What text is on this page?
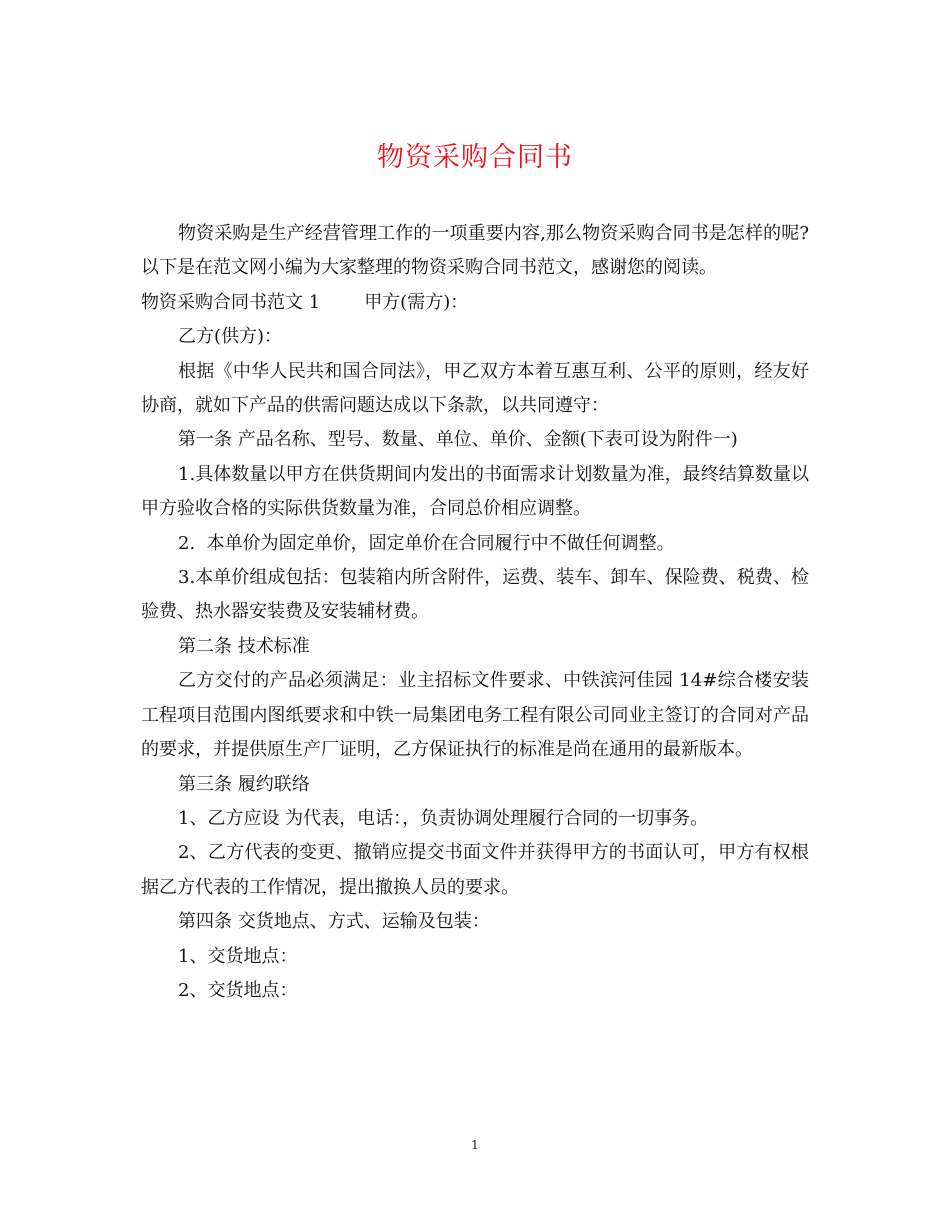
物资采购合同书

物资采购是生产经营管理工作的一项重要内容,那么物资采购合同书是怎样的呢?以下是在范文网小编为大家整理的物资采购合同书范文，感谢您的阅读。

物资采购合同书范文 1 甲方(需方)：

乙方(供方)：

根据《中华人民共和国合同法》，甲乙双方本着互惠互利、公平的原则，经友好协商，就如下产品的供需问题达成以下条款，以共同遵守：

第一条 产品名称、型号、数量、单位、单价、金额(下表可设为附件一)

1.具体数量以甲方在供货期间内发出的书面需求计划数量为准，最终结算数量以甲方验收合格的实际供货数量为准，合同总价相应调整。

2.  本单价为固定单价，固定单价在合同履行中不做任何调整。

3.本单价组成包括：包装箱内所含附件，运费、装车、卸车、保险费、税费、检验费、热水器安装费及安装辅材费。

第二条 技术标准

乙方交付的产品必须满足：业主招标文件要求、中铁滨河佳园 14#综合楼安装工程项目范围内图纸要求和中铁一局集团电务工程有限公司同业主签订的合同对产品的要求，并提供原生产厂证明，乙方保证执行的标准是尚在通用的最新版本。

第三条 履约联络

1、乙方应设 为代表，电话：，负责协调处理履行合同的一切事务。

2、乙方代表的变更、撤销应提交书面文件并获得甲方的书面认可，甲方有权根据乙方代表的工作情况，提出撤换人员的要求。

第四条 交货地点、方式、运输及包装：

1、交货地点：

2、交货地点：

1
